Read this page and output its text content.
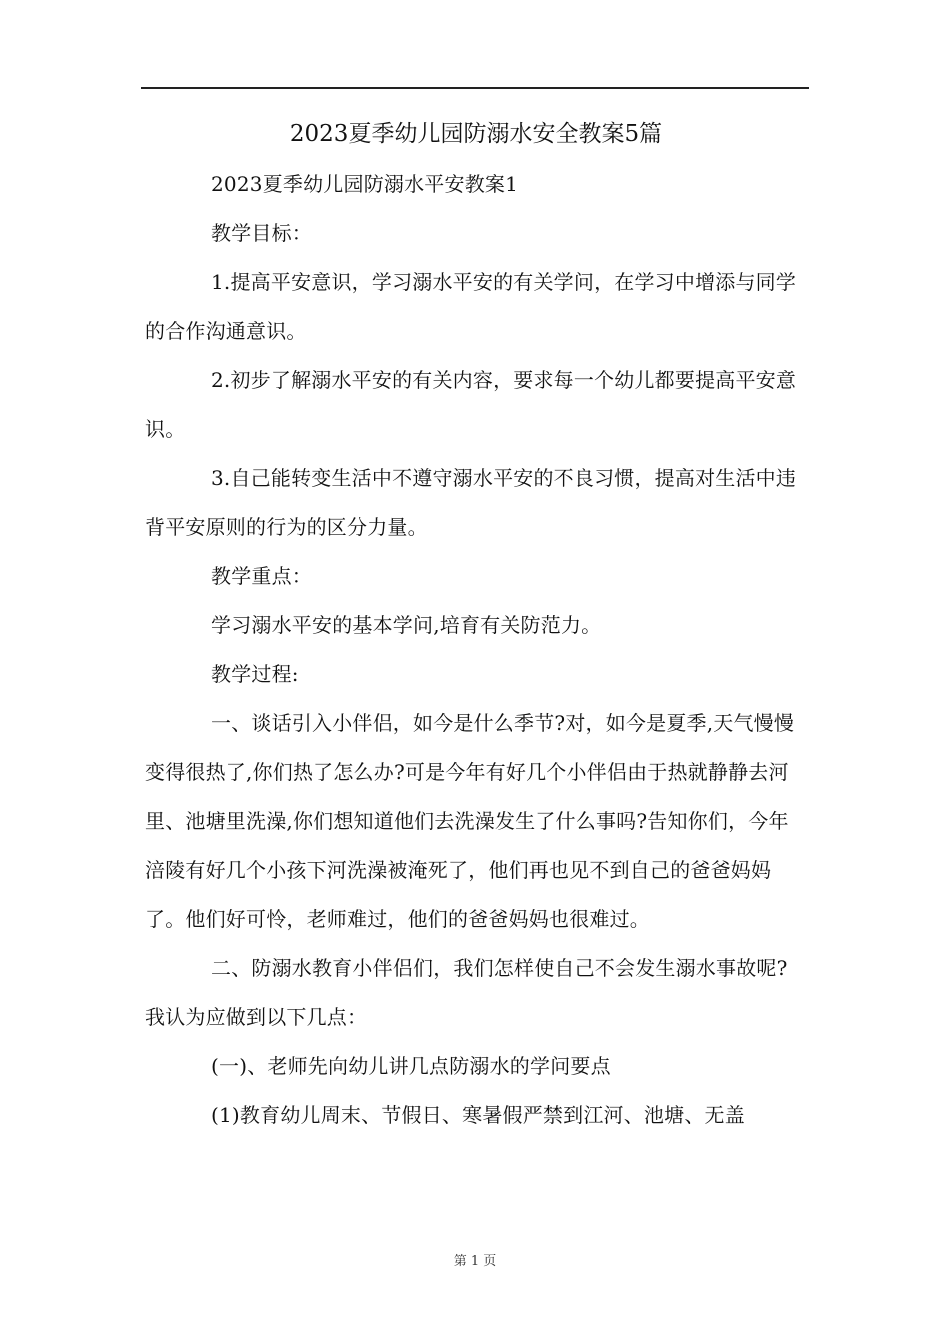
2023夏季幼儿园防溺水安全教案5篇

2023夏季幼儿园防溺水平安教案1

教学目标：

1.提高平安意识，学习溺水平安的有关学问，在学习中增添与同学的合作沟通意识。

2.初步了解溺水平安的有关内容，要求每一个幼儿都要提高平安意识。

3.自己能转变生活中不遵守溺水平安的不良习惯，提高对生活中违背平安原则的行为的区分力量。

教学重点：

学习溺水平安的基本学问,培育有关防范力。

教学过程:

一、谈话引入小伴侣，如今是什么季节?对，如今是夏季,天气慢慢变得很热了,你们热了怎么办?可是今年有好几个小伴侣由于热就静静去河里、池塘里洗澡,你们想知道他们去洗澡发生了什么事吗?告知你们，今年涪陵有好几个小孩下河洗澡被淹死了，他们再也见不到自己的爸爸妈妈了。他们好可怜，老师难过，他们的爸爸妈妈也很难过。

二、防溺水教育小伴侣们，我们怎样使自己不会发生溺水事故呢?我认为应做到以下几点：

(一)、老师先向幼儿讲几点防溺水的学问要点

(1)教育幼儿周末、节假日、寒暑假严禁到江河、池塘、无盖

第 1 页
